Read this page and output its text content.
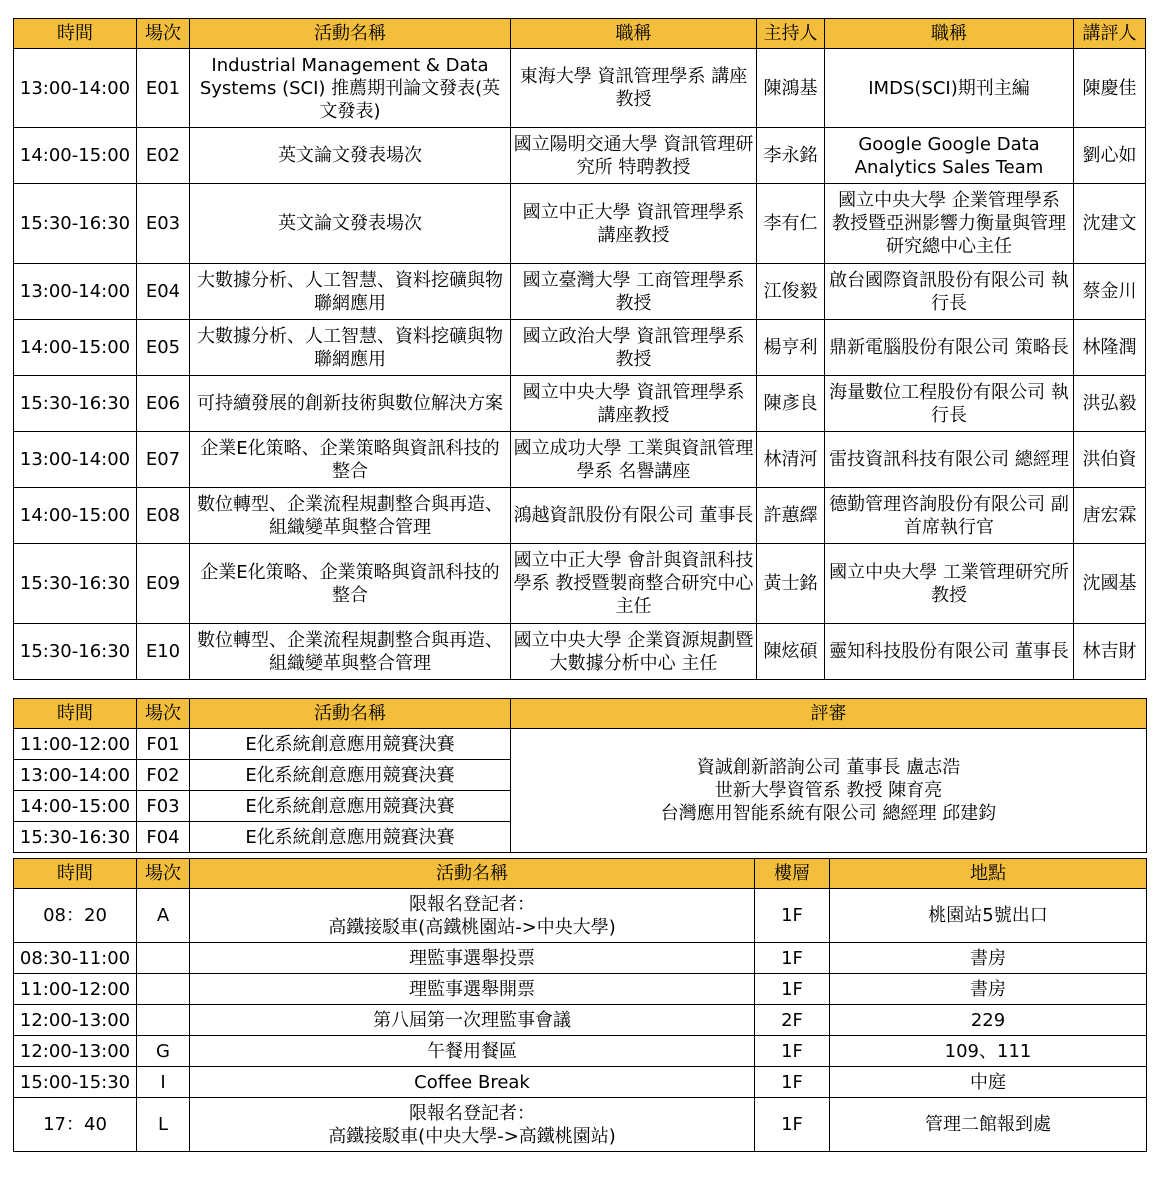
時間	場次	活動名稱	職稱	主持人	職稱	講評人
13:00-14:00	E01	Industrial Management & Data Systems (SCI) 推薦期刊論文發表(英文發表)	東海大學 資訊管理學系 講座教授	陳鴻基	IMDS(SCI)期刊主編	陳慶佳
14:00-15:00	E02	英文論文發表場次	國立陽明交通大學 資訊管理研究所 特聘教授	李永銘	Google Google Data Analytics Sales Team	劉心如
15:30-16:30	E03	英文論文發表場次	國立中正大學 資訊管理學系 講座教授	李有仁	國立中央大學 企業管理學系 教授暨亞洲影響力衡量與管理研究總中心主任	沈建文
13:00-14:00	E04	大數據分析、人工智慧、資料挖礦與物聯網應用	國立臺灣大學 工商管理學系 教授	江俊毅	啟台國際資訊股份有限公司 執行長	蔡金川
14:00-15:00	E05	大數據分析、人工智慧、資料挖礦與物聯網應用	國立政治大學 資訊管理學系 教授	楊亨利	鼎新電腦股份有限公司 策略長	林隆潤
15:30-16:30	E06	可持續發展的創新技術與數位解決方案	國立中央大學 資訊管理學系 講座教授	陳彥良	海量數位工程股份有限公司 執行長	洪弘毅
13:00-14:00	E07	企業E化策略、企業策略與資訊科技的整合	國立成功大學 工業與資訊管理學系 名譽講座	林清河	雷技資訊科技有限公司 總經理	洪伯資
14:00-15:00	E08	數位轉型、企業流程規劃整合與再造、組織變革與整合管理	鴻越資訊股份有限公司 董事長	許蕙繹	德勤管理咨詢股份有限公司 副首席執行官	唐宏霖
15:30-16:30	E09	企業E化策略、企業策略與資訊科技的整合	國立中正大學 會計與資訊科技學系 教授暨製商整合研究中心主任	黃士銘	國立中央大學 工業管理研究所 教授	沈國基
15:30-16:30	E10	數位轉型、企業流程規劃整合與再造、組織變革與整合管理	國立中央大學 企業資源規劃暨大數據分析中心 主任	陳炫碩	靈知科技股份有限公司 董事長	林吉財
時間	場次	活動名稱	評審
11:00-12:00	F01	E化系統創意應用競賽決賽	資誠創新諮詢公司 董事長 盧志浩
世新大學資管系 教授 陳育亮
台灣應用智能系統有限公司 總經理 邱建鈞

13:00-14:00	F02	E化系統創意應用競賽決賽	
14:00-15:00	F03	E化系統創意應用競賽決賽	
15:30-16:30	F04	E化系統創意應用競賽決賽	
時間	場次	活動名稱	樓層	地點
08：20	A	限報名登記者：
高鐵接駁車(高鐵桃園站->中央大學)	1F	桃園站5號出口
08:30-11:00		理監事選舉投票	1F	書房
11:00-12:00		理監事選舉開票	1F	書房
12:00-13:00		第八屆第一次理監事會議	2F	229
12:00-13:00	G	午餐用餐區	1F	109、111
15:00-15:30	I	Coffee Break	1F	中庭
17：40	L	限報名登記者：
高鐵接駁車(中央大學->高鐵桃園站)	1F	管理二館報到處
